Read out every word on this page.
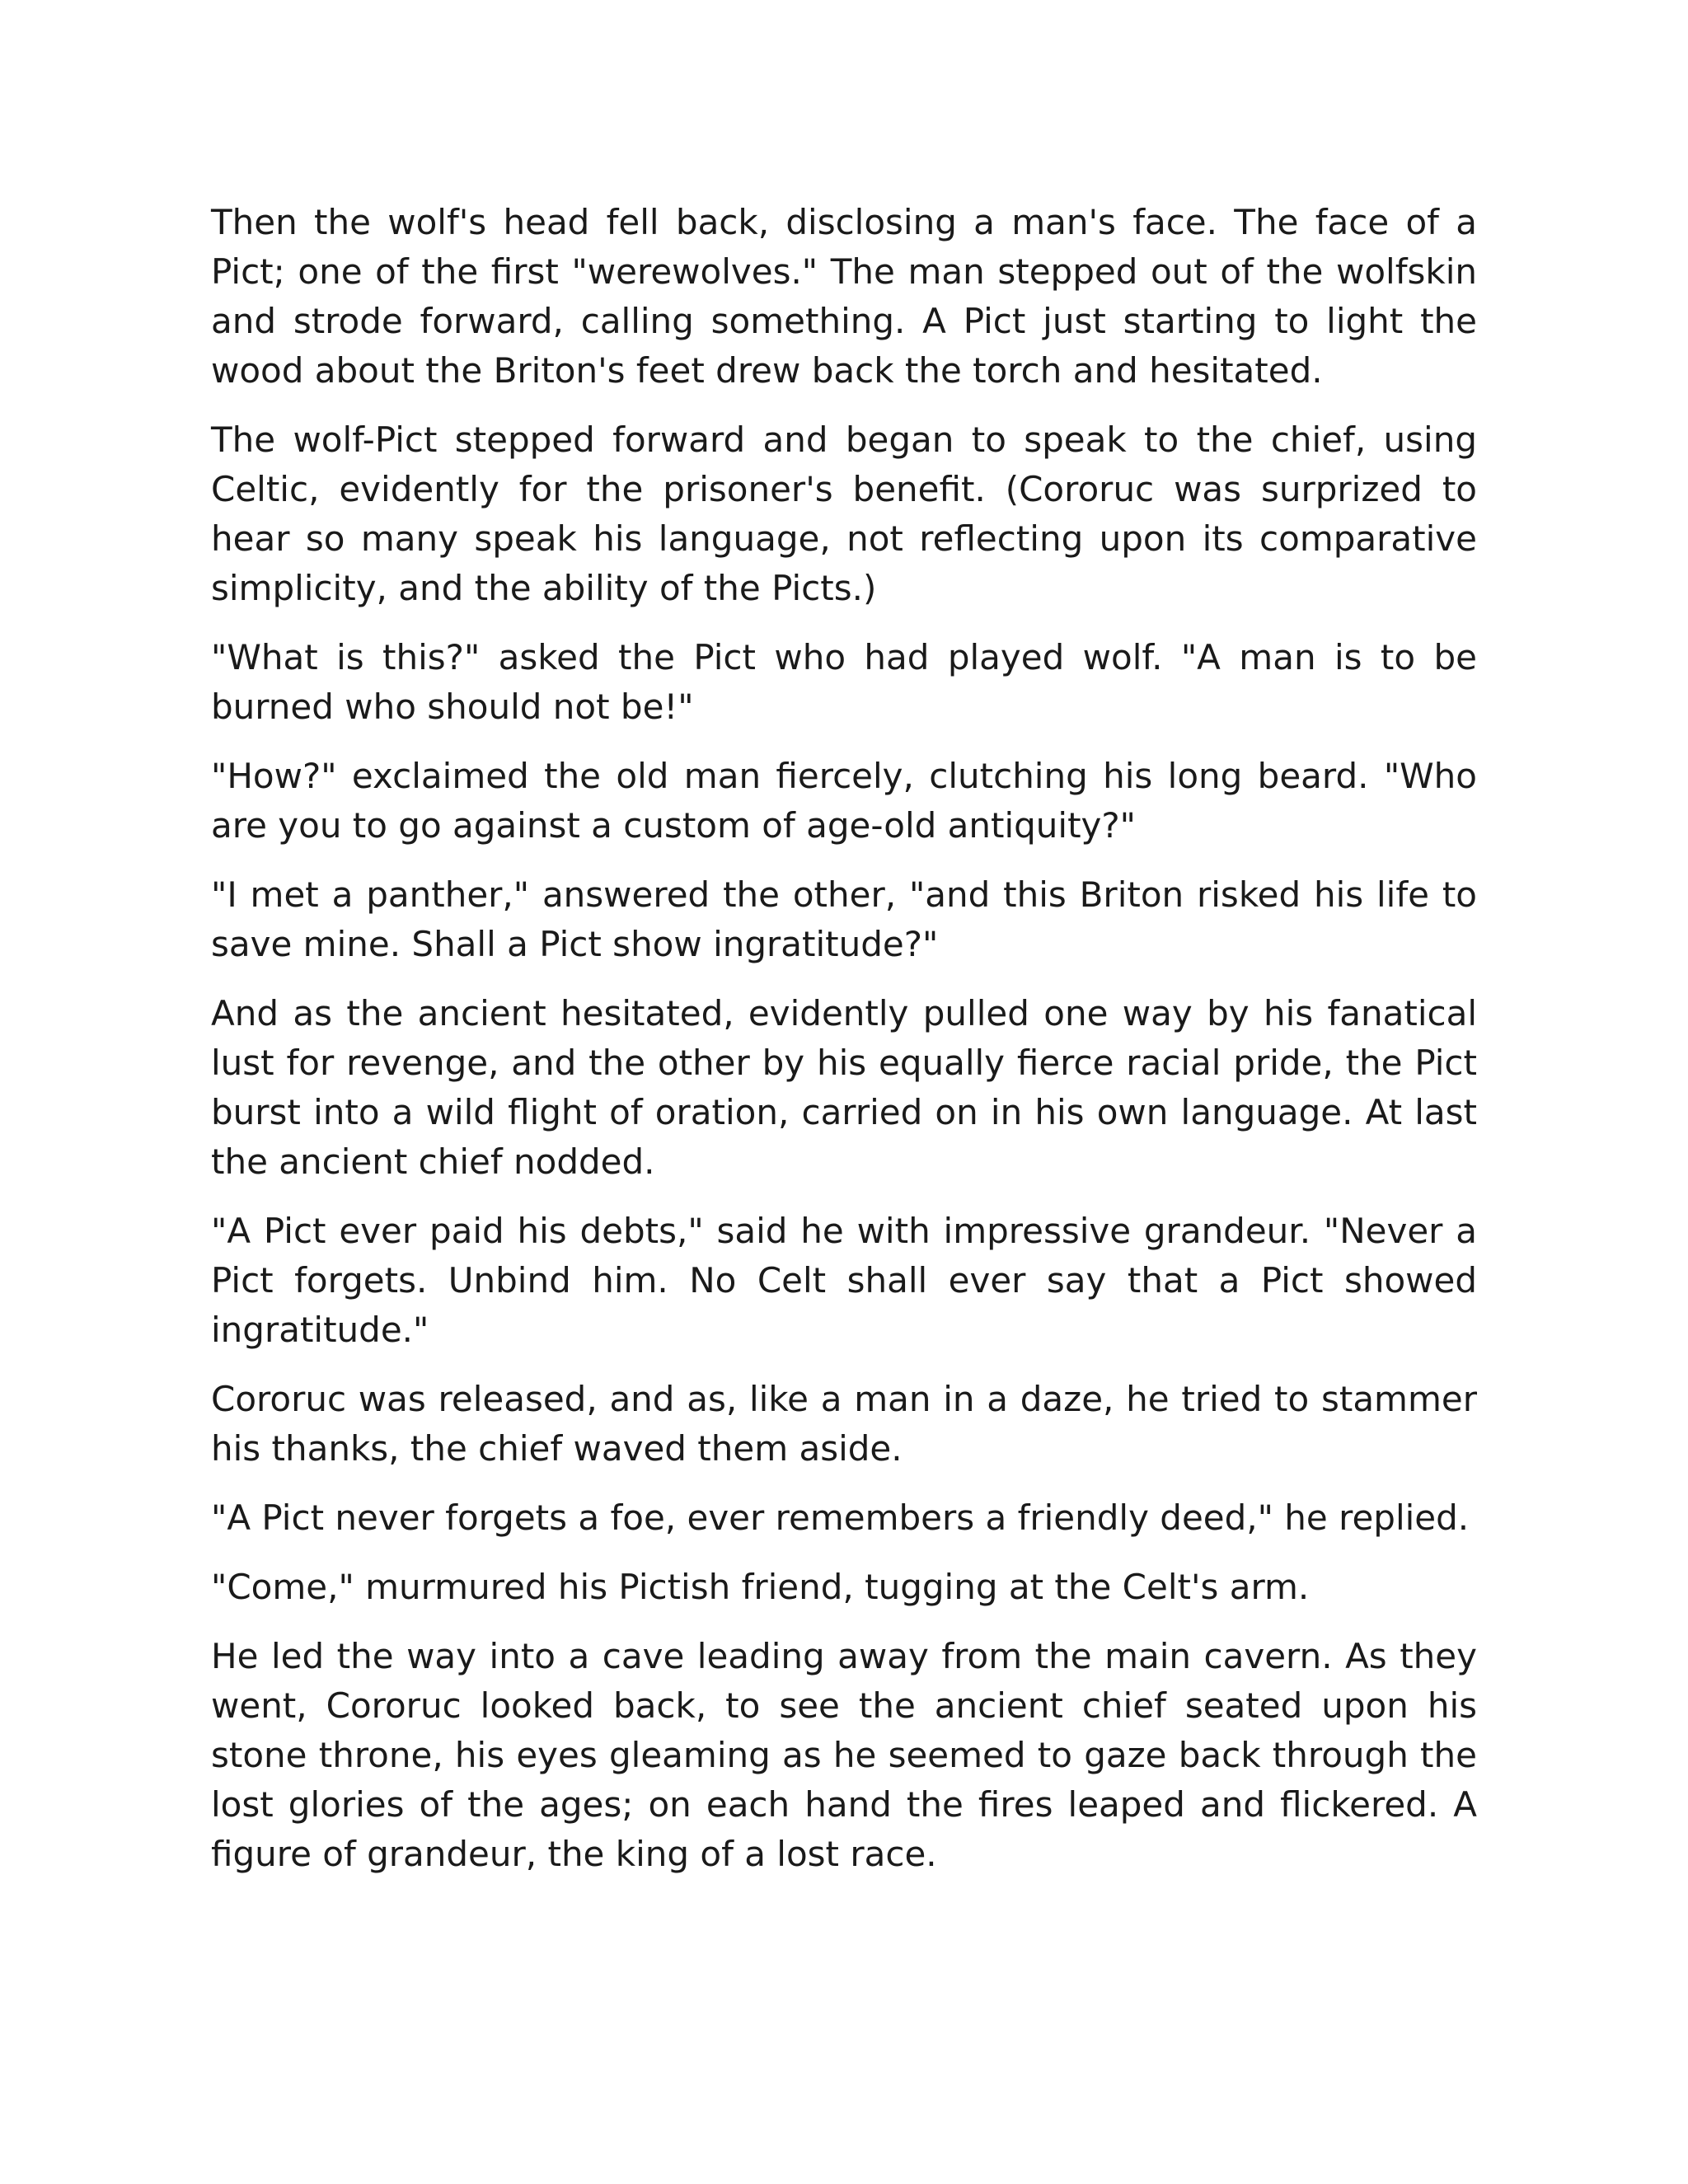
Then the wolf's head fell back, disclosing a man's face. The face of a Pict; one of the first "werewolves." The man stepped out of the wolfskin and strode forward, calling something. A Pict just starting to light the wood about the Briton's feet drew back the torch and hesitated.

The wolf-Pict stepped forward and began to speak to the chief, using Celtic, evidently for the prisoner's benefit. (Cororuc was surprized to hear so many speak his language, not reflecting upon its comparative simplicity, and the ability of the Picts.)

"What is this?" asked the Pict who had played wolf. "A man is to be burned who should not be!"

"How?" exclaimed the old man fiercely, clutching his long beard. "Who are you to go against a custom of age-old antiquity?"

"I met a panther," answered the other, "and this Briton risked his life to save mine. Shall a Pict show ingratitude?"

And as the ancient hesitated, evidently pulled one way by his fanatical lust for revenge, and the other by his equally fierce racial pride, the Pict burst into a wild flight of oration, carried on in his own language. At last the ancient chief nodded.

"A Pict ever paid his debts," said he with impressive grandeur. "Never a Pict forgets. Unbind him. No Celt shall ever say that a Pict showed ingratitude."

Cororuc was released, and as, like a man in a daze, he tried to stammer his thanks, the chief waved them aside.

"A Pict never forgets a foe, ever remembers a friendly deed," he replied.

"Come," murmured his Pictish friend, tugging at the Celt's arm.

He led the way into a cave leading away from the main cavern. As they went, Cororuc looked back, to see the ancient chief seated upon his stone throne, his eyes gleaming as he seemed to gaze back through the lost glories of the ages; on each hand the fires leaped and flickered. A figure of grandeur, the king of a lost race.
